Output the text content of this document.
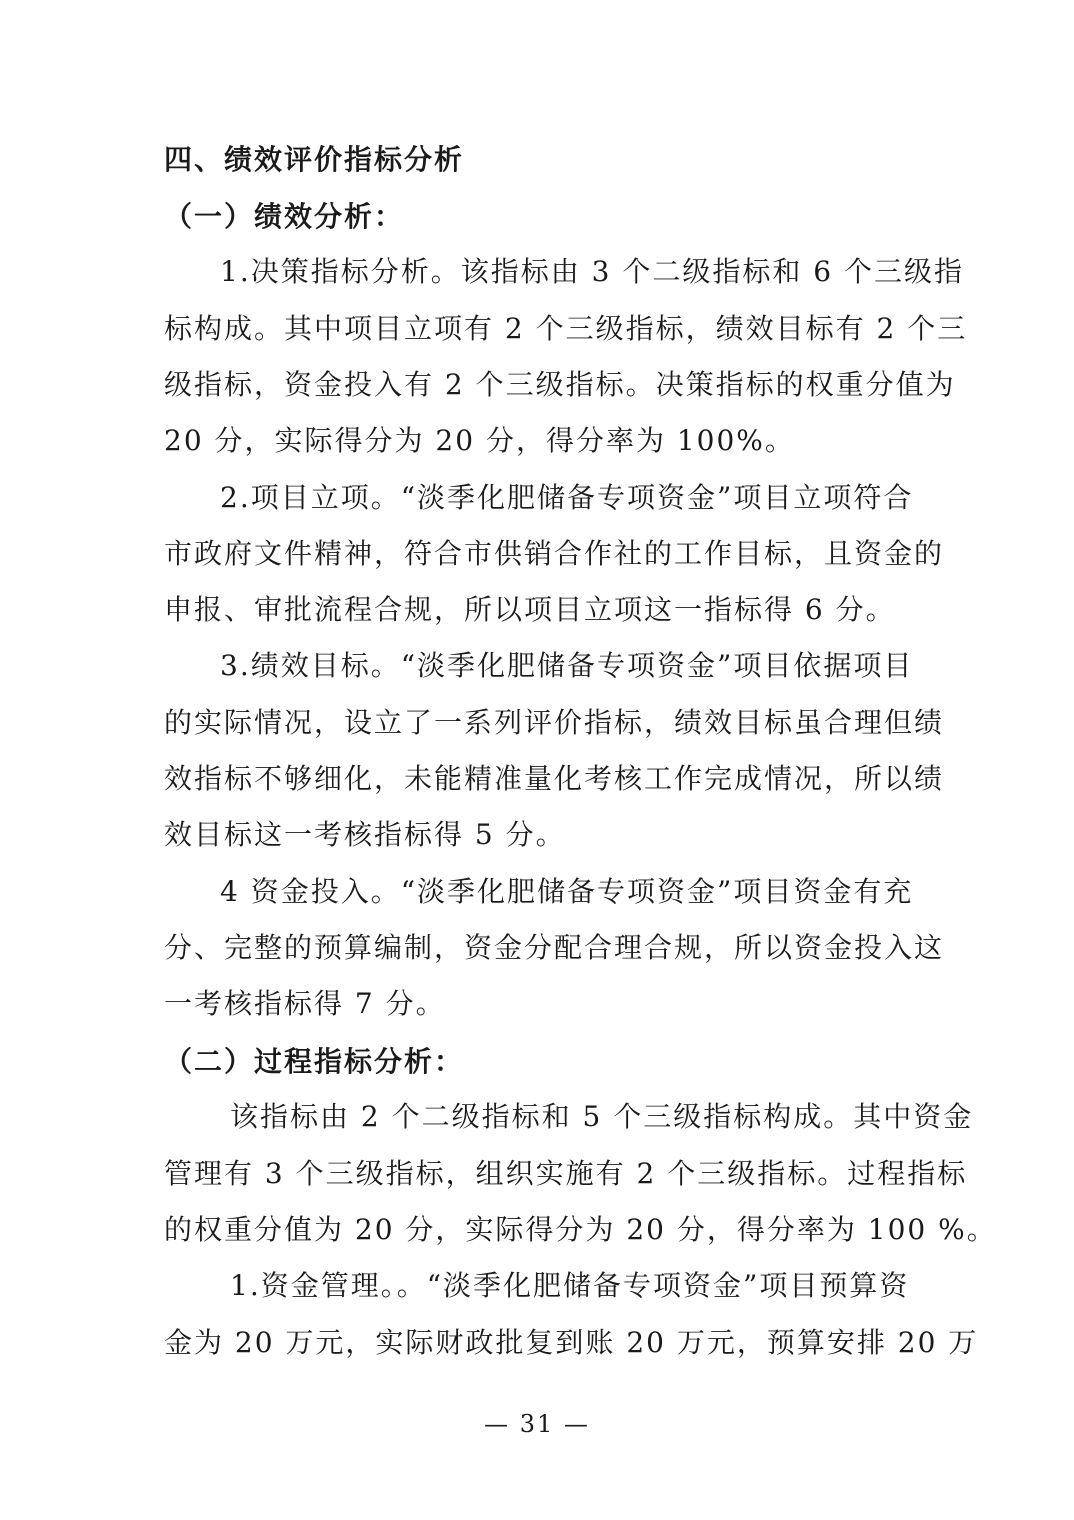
四、绩效评价指标分析
（一）绩效分析：
1.决策指标分析。该指标由 3 个二级指标和 6 个三级指
标构成。其中项目立项有 2 个三级指标，绩效目标有 2 个三
级指标，资金投入有 2 个三级指标。决策指标的权重分值为
20 分，实际得分为 20 分，得分率为 100%。
2.项目立项。“淡季化肥储备专项资金”项目立项符合
市政府文件精神，符合市供销合作社的工作目标，且资金的
申报、审批流程合规，所以项目立项这一指标得 6 分。
3.绩效目标。“淡季化肥储备专项资金”项目依据项目
的实际情况，设立了一系列评价指标，绩效目标虽合理但绩
效指标不够细化，未能精准量化考核工作完成情况，所以绩
效目标这一考核指标得 5 分。
4 资金投入。“淡季化肥储备专项资金”项目资金有充
分、完整的预算编制，资金分配合理合规，所以资金投入这
一考核指标得 7 分。
（二）过程指标分析：
该指标由 2 个二级指标和 5 个三级指标构成。其中资金
管理有 3 个三级指标，组织实施有 2 个三级指标。过程指标
的权重分值为 20 分，实际得分为 20 分，得分率为 100 %。
1.资金管理。。“淡季化肥储备专项资金”项目预算资
金为 20 万元，实际财政批复到账 20 万元，预算安排 20 万
— 31 —
